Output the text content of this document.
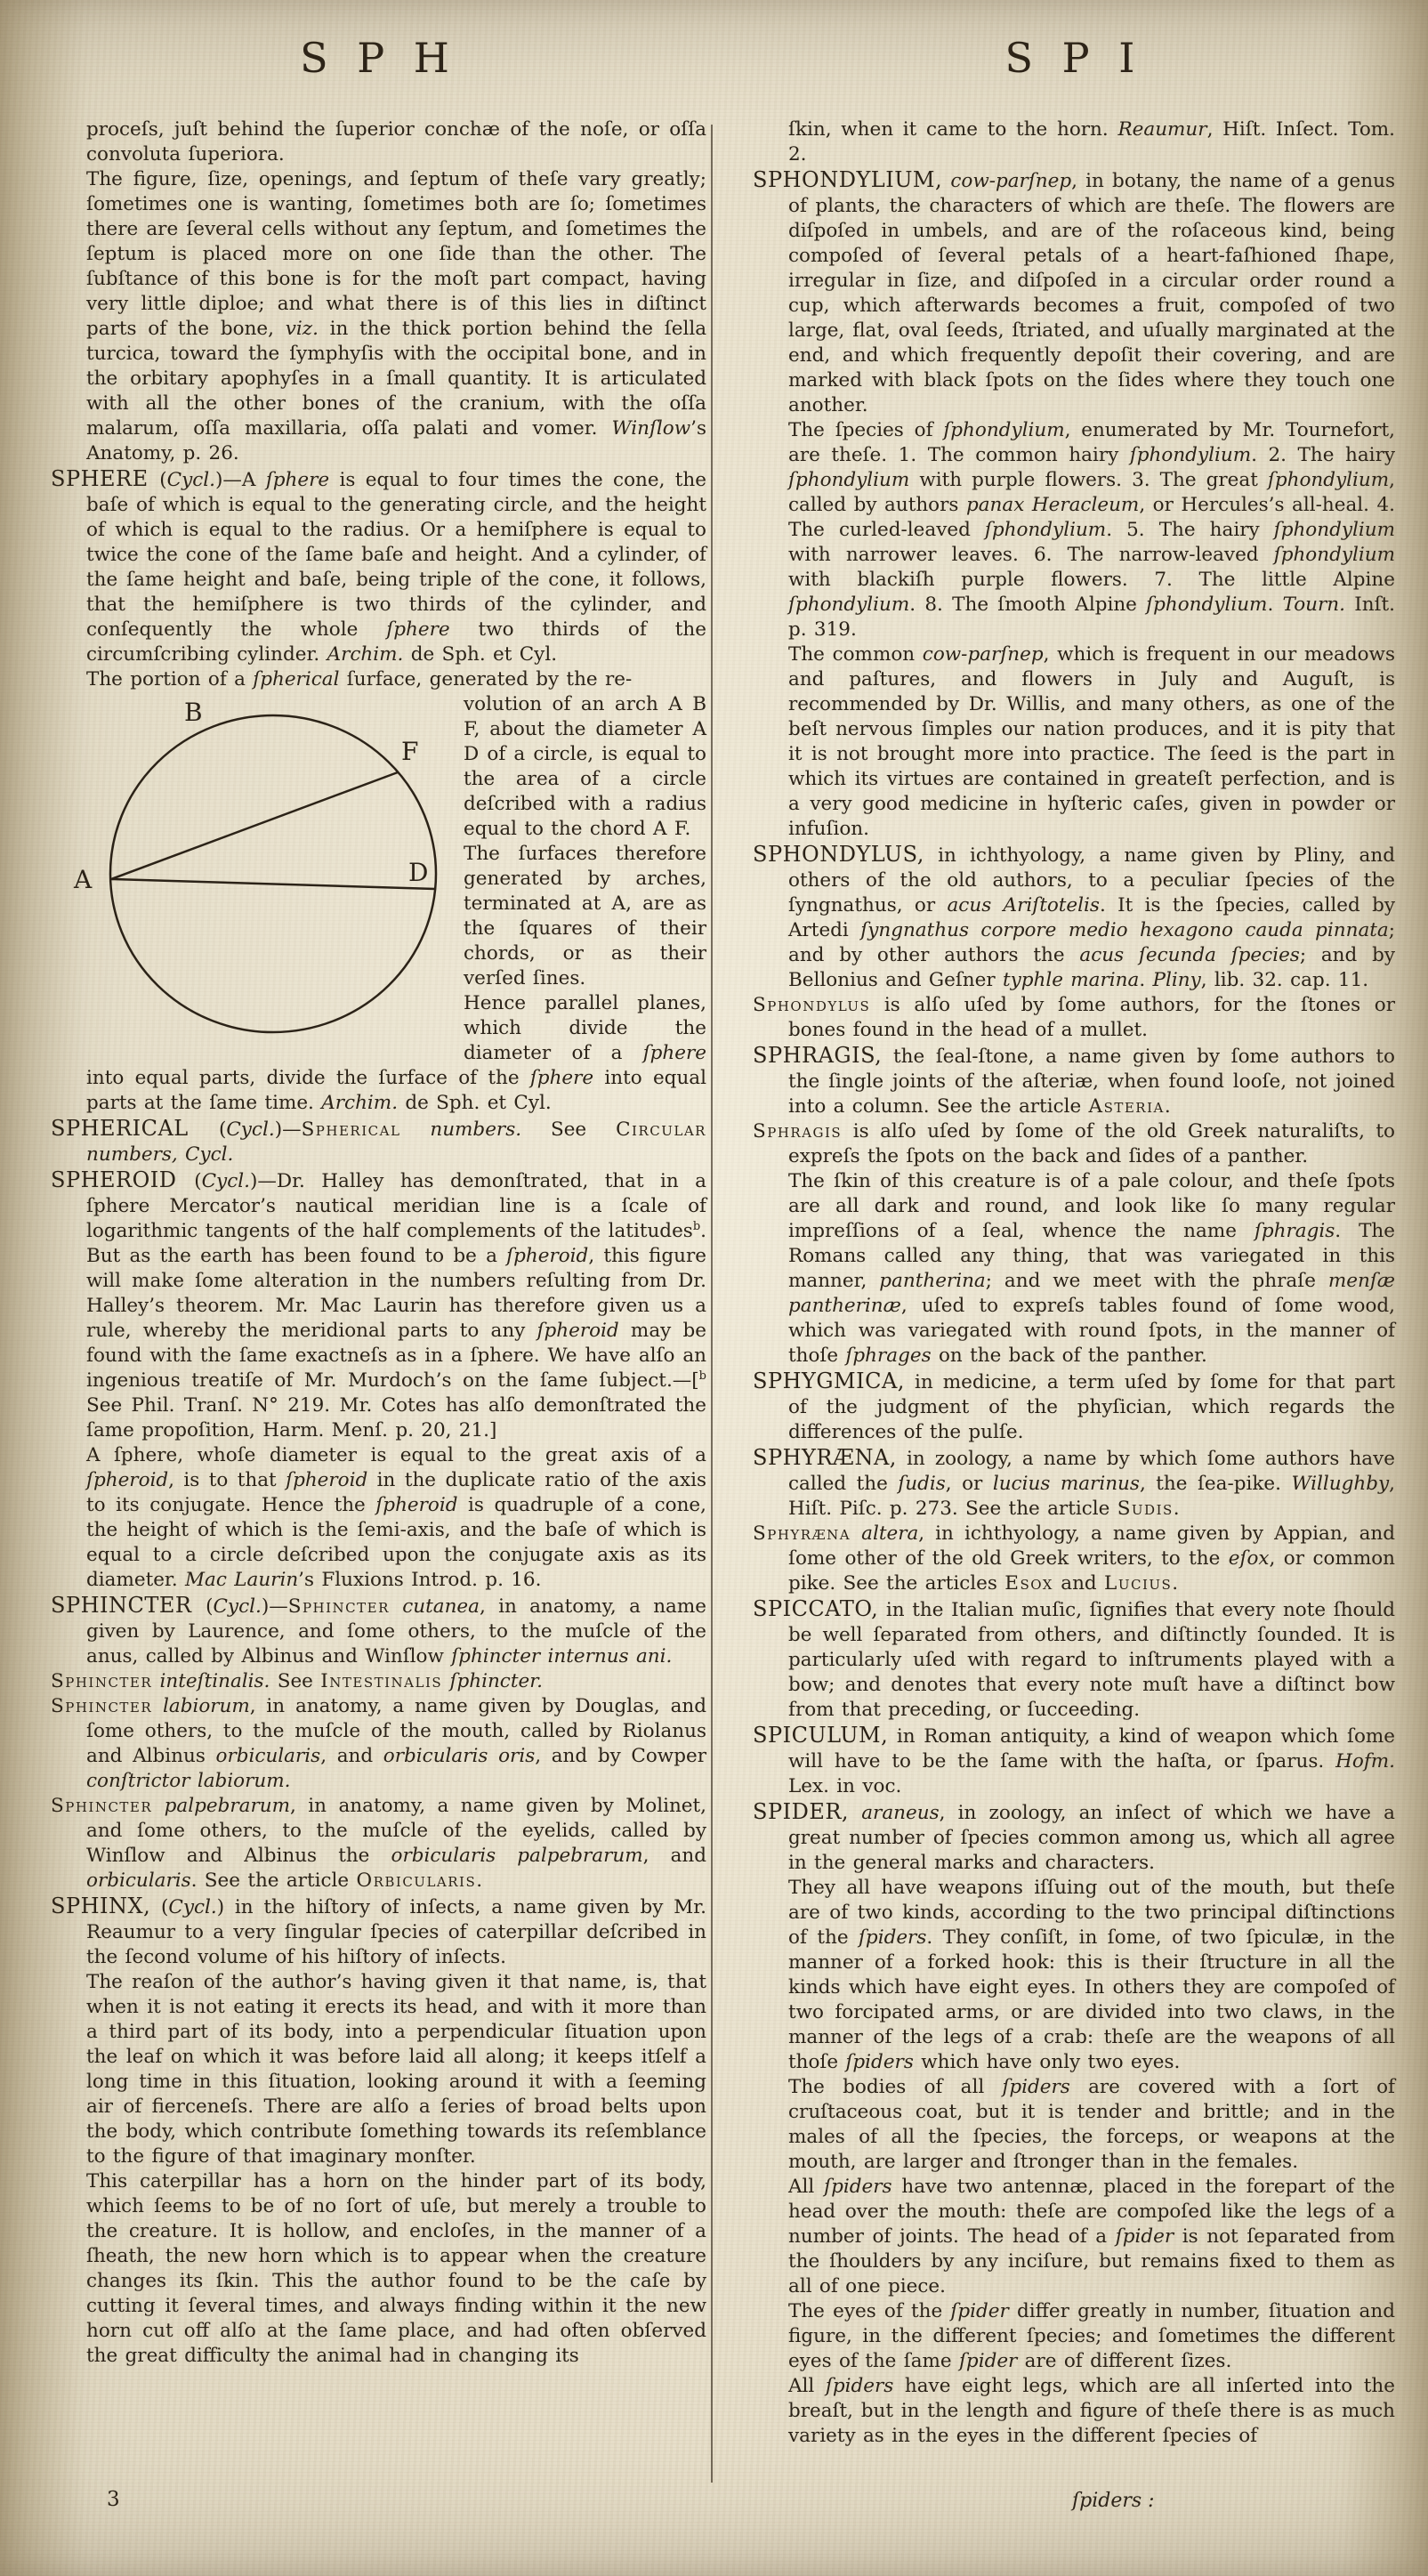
S P H	S P I
proceſs, juſt behind the ſuperior conchæ of the noſe, or oſſa convoluta ſuperiora.
The figure, ſize, openings, and ſeptum of theſe vary greatly; ſometimes one is wanting, ſometimes both are ſo; ſometimes there are ſeveral cells without any ſeptum, and ſometimes the ſeptum is placed more on one ſide than the other. The ſubſtance of this bone is for the moſt part compact, having very little diploe; and what there is of this lies in diſtinct parts of the bone, viz. in the thick portion behind the ſella turcica, toward the ſymphyſis with the occipital bone, and in the orbitary apophyſes in a ſmall quantity. It is articulated with all the other bones of the cranium, with the oſſa malarum, oſſa maxillaria, oſſa palati and vomer. Winſlow’s Anatomy, p. 26.
SPHERE (Cycl.)—A ſphere is equal to four times the cone, the baſe of which is equal to the generating circle, and the height of which is equal to the radius. Or a hemiſphere is equal to twice the cone of the ſame baſe and height. And a cylinder, of the ſame height and baſe, being triple of the cone, it follows, that the hemiſphere is two thirds of the cylinder, and conſequently the whole ſphere two thirds of the circumſcribing cylinder. Archim. de Sph. et Cyl.
The portion of a ſpherical ſurface, generated by the re-
B
F
A	D
volution of an arch A B F, about the diameter A D of a circle, is equal to the area of a circle deſcribed with a radius equal to the chord A F.
The ſurfaces therefore generated by arches, terminated at A, are as the ſquares of their chords, or as their verſed ſines.
Hence parallel planes, which divide the diameter of a ſphere into equal parts, divide the ſurface of the ſphere into equal parts at the ſame time. Archim. de Sph. et Cyl.
SPHERICAL (Cycl.)—Spherical numbers. See Circular numbers, Cycl.
SPHEROID (Cycl.)—Dr. Halley has demonſtrated, that in a ſphere Mercator’s nautical meridian line is a ſcale of logarithmic tangents of the half complements of the latitudes$^b$. But as the earth has been found to be a ſpheroid, this figure will make ſome alteration in the numbers reſulting from Dr. Halley’s theorem. Mr. Mac Laurin has therefore given us a rule, whereby the meridional parts to any ſpheroid may be found with the ſame exactneſs as in a ſphere. We have alſo an ingenious treatiſe of Mr. Murdoch’s on the ſame ſubject.—[$^b$ See Phil. Tranſ. N° 219. Mr. Cotes has alſo demonſtrated the ſame propoſition, Harm. Menſ. p. 20, 21.]
A ſphere, whoſe diameter is equal to the great axis of a ſpheroid, is to that ſpheroid in the duplicate ratio of the axis to its conjugate. Hence the ſpheroid is quadruple of a cone, the height of which is the ſemi-axis, and the baſe of which is equal to a circle deſcribed upon the conjugate axis as its diameter. Mac Laurin’s Fluxions Introd. p. 16.
SPHINCTER (Cycl.)—Sphincter cutanea, in anatomy, a name given by Laurence, and ſome others, to the muſcle of the anus, called by Albinus and Winſlow ſphincter internus ani.
Sphincter inteſtinalis. See Intestinalis ſphincter.
Sphincter labiorum, in anatomy, a name given by Douglas, and ſome others, to the muſcle of the mouth, called by Riolanus and Albinus orbicularis, and orbicularis oris, and by Cowper conſtrictor labiorum.
Sphincter palpebrarum, in anatomy, a name given by Molinet, and ſome others, to the muſcle of the eyelids, called by Winſlow and Albinus the orbicularis palpebrarum, and orbicularis. See the article Orbicularis.
SPHINX, (Cycl.) in the hiſtory of inſects, a name given by Mr. Reaumur to a very ſingular ſpecies of caterpillar deſcribed in the ſecond volume of his hiſtory of inſects.
The reaſon of the author’s having given it that name, is, that when it is not eating it erects its head, and with it more than a third part of its body, into a perpendicular ſituation upon the leaf on which it was before laid all along; it keeps itſelf a long time in this ſituation, looking around it with a ſeeming air of fierceneſs. There are alſo a ſeries of broad belts upon the body, which contribute ſomething towards its reſemblance to the figure of that imaginary monſter.
This caterpillar has a horn on the hinder part of its body, which ſeems to be of no ſort of uſe, but merely a trouble to the creature. It is hollow, and encloſes, in the manner of a ſheath, the new horn which is to appear when the creature changes its ſkin. This the author found to be the caſe by cutting it ſeveral times, and always finding within it the new horn cut off alſo at the ſame place, and had often obſerved the great difficulty the animal had in changing its
ſkin, when it came to the horn. Reaumur, Hiſt. Inſect. Tom. 2.
SPHONDYLIUM, cow-parſnep, in botany, the name of a genus of plants, the characters of which are theſe. The flowers are diſpoſed in umbels, and are of the roſaceous kind, being compoſed of ſeveral petals of a heart-faſhioned ſhape, irregular in ſize, and diſpoſed in a circular order round a cup, which afterwards becomes a fruit, compoſed of two large, flat, oval ſeeds, ſtriated, and uſually marginated at the end, and which frequently depoſit their covering, and are marked with black ſpots on the ſides where they touch one another.
The ſpecies of ſphondylium, enumerated by Mr. Tournefort, are theſe. 1. The common hairy ſphondylium. 2. The hairy ſphondylium with purple flowers. 3. The great ſphondylium, called by authors panax Heracleum, or Hercules’s all-heal. 4. The curled-leaved ſphondylium. 5. The hairy ſphondylium with narrower leaves. 6. The narrow-leaved ſphondylium with blackiſh purple flowers. 7. The little Alpine ſphondylium. 8. The ſmooth Alpine ſphondylium. Tourn. Inſt. p. 319.
The common cow-parſnep, which is frequent in our meadows and paſtures, and flowers in July and Auguſt, is recommended by Dr. Willis, and many others, as one of the beſt nervous ſimples our nation produces, and it is pity that it is not brought more into practice. The ſeed is the part in which its virtues are contained in greateſt perfection, and is a very good medicine in hyſteric caſes, given in powder or infuſion.
SPHONDYLUS, in ichthyology, a name given by Pliny, and others of the old authors, to a peculiar ſpecies of the ſyngnathus, or acus Ariſtotelis. It is the ſpecies, called by Artedi ſyngnathus corpore medio hexagono cauda pinnata; and by other authors the acus ſecunda ſpecies; and by Bellonius and Geſner typhle marina. Pliny, lib. 32. cap. 11.
Sphondylus is alſo uſed by ſome authors, for the ſtones or bones found in the head of a mullet.
SPHRAGIS, the ſeal-ſtone, a name given by ſome authors to the ſingle joints of the aſteriæ, when found looſe, not joined into a column. See the article Asteria.
Sphragis is alſo uſed by ſome of the old Greek naturaliſts, to expreſs the ſpots on the back and ſides of a panther.
The ſkin of this creature is of a pale colour, and theſe ſpots are all dark and round, and look like ſo many regular impreſſions of a ſeal, whence the name ſphragis. The Romans called any thing, that was variegated in this manner, pantherina; and we meet with the phraſe menſæ pantherinæ, uſed to expreſs tables found of ſome wood, which was variegated with round ſpots, in the manner of thoſe ſphrages on the back of the panther.
SPHYGMICA, in medicine, a term uſed by ſome for that part of the judgment of the phyſician, which regards the differences of the pulſe.
SPHYRÆNA, in zoology, a name by which ſome authors have called the ſudis, or lucius marinus, the ſea-pike. Willughby, Hiſt. Piſc. p. 273. See the article Sudis.
Sphyræna altera, in ichthyology, a name given by Appian, and ſome other of the old Greek writers, to the eſox, or common pike. See the articles Esox and Lucius.
SPICCATO, in the Italian muſic, ſignifies that every note ſhould be well ſeparated from others, and diſtinctly ſounded. It is particularly uſed with regard to inſtruments played with a bow; and denotes that every note muſt have a diſtinct bow from that preceding, or ſucceeding.
SPICULUM, in Roman antiquity, a kind of weapon which ſome will have to be the ſame with the haſta, or ſparus. Hofm. Lex. in voc.
SPIDER, araneus, in zoology, an inſect of which we have a great number of ſpecies common among us, which all agree in the general marks and characters.
They all have weapons iſſuing out of the mouth, but theſe are of two kinds, according to the two principal diſtinctions of the ſpiders. They conſiſt, in ſome, of two ſpiculæ, in the manner of a forked hook: this is their ſtructure in all the kinds which have eight eyes. In others they are compoſed of two forcipated arms, or are divided into two claws, in the manner of the legs of a crab: theſe are the weapons of all thoſe ſpiders which have only two eyes.
The bodies of all ſpiders are covered with a ſort of cruſtaceous coat, but it is tender and brittle; and in the males of all the ſpecies, the forceps, or weapons at the mouth, are larger and ſtronger than in the females.
All ſpiders have two antennæ, placed in the forepart of the head over the mouth: theſe are compoſed like the legs of a number of joints. The head of a ſpider is not ſeparated from the ſhoulders by any inciſure, but remains fixed to them as all of one piece.
The eyes of the ſpider differ greatly in number, ſituation and figure, in the different ſpecies; and ſometimes the different eyes of the ſame ſpider are of different ſizes.
All ſpiders have eight legs, which are all inſerted into the breaſt, but in the length and figure of theſe there is as much variety as in the eyes in the different ſpecies of
3	ſpiders :
